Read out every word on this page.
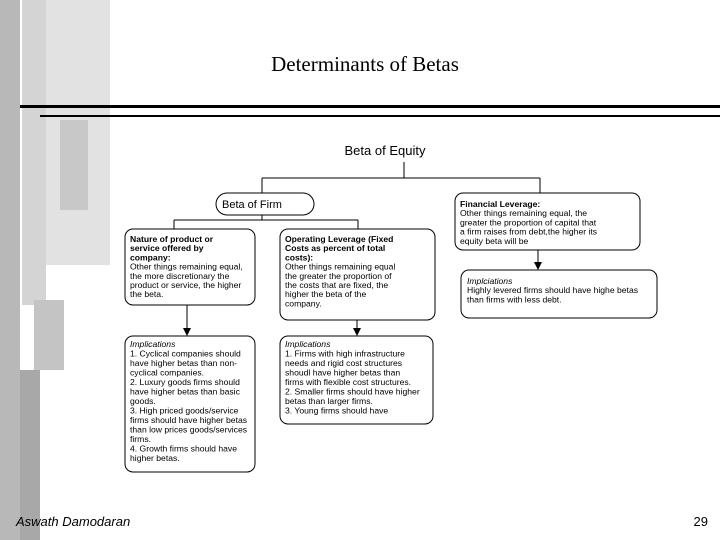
Determinants of Betas
Beta of Equity
Beta of Firm	Financial Leverage:
Other things remaining equal, the
greater the proportion of capital that
a firm raises from debt,the higher its
equity beta will be
Nature of product or
service offered by
company:
Other things remaining equal,
the more discretionary the
product or service, the higher
the beta.
Operating Leverage (Fixed
Costs as percent of total
costs):
Other things remaining equal
the greater the proportion of
the costs that are fixed, the
higher the beta of the
company.
Implciations
Highly levered firms should have highe betas
than firms with less debt.
Implications
1. Cyclical companies should
have higher betas than non-
cyclical companies.
2. Luxury goods firms should
have higher betas than basic
goods.
3. High priced goods/service
firms should have higher betas
than low prices goods/services
firms.
4. Growth firms should have
higher betas.
Implications
1. Firms with high infrastructure
needs and rigid cost structures
shoudl have higher betas than
firms with flexible cost structures.
2. Smaller firms should have higher
betas than larger firms.
3. Young firms should have
Aswath Damodaran	29
